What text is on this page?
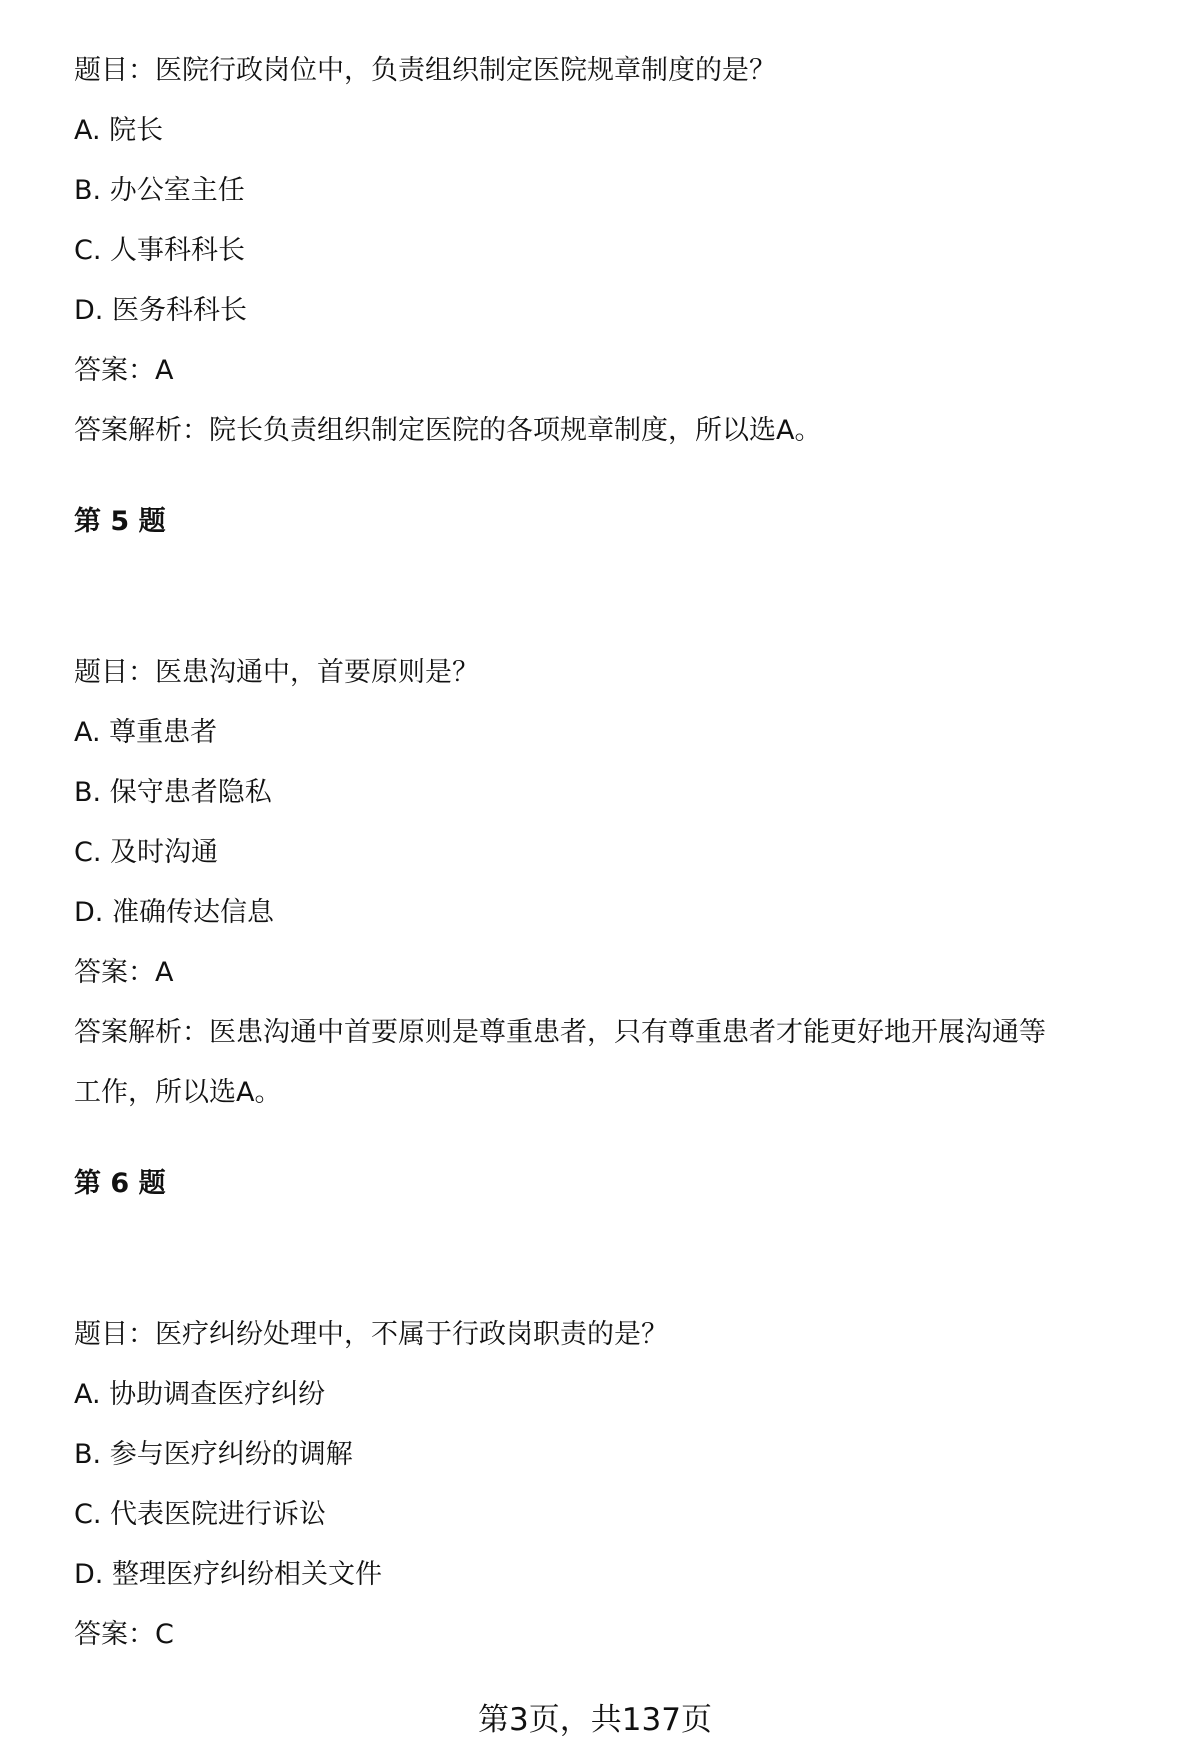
题目：医院行政岗位中，负责组织制定医院规章制度的是？
A. 院长
B. 办公室主任
C. 人事科科长
D. 医务科科长
答案：A
答案解析：院长负责组织制定医院的各项规章制度，所以选A。
第 5 题
题目：医患沟通中，首要原则是？
A. 尊重患者
B. 保守患者隐私
C. 及时沟通
D. 准确传达信息
答案：A
答案解析：医患沟通中首要原则是尊重患者，只有尊重患者才能更好地开展沟通等
工作，所以选A。
第 6 题
题目：医疗纠纷处理中，不属于行政岗职责的是？
A. 协助调查医疗纠纷
B. 参与医疗纠纷的调解
C. 代表医院进行诉讼
D. 整理医疗纠纷相关文件
答案：C
第3页，共137页
